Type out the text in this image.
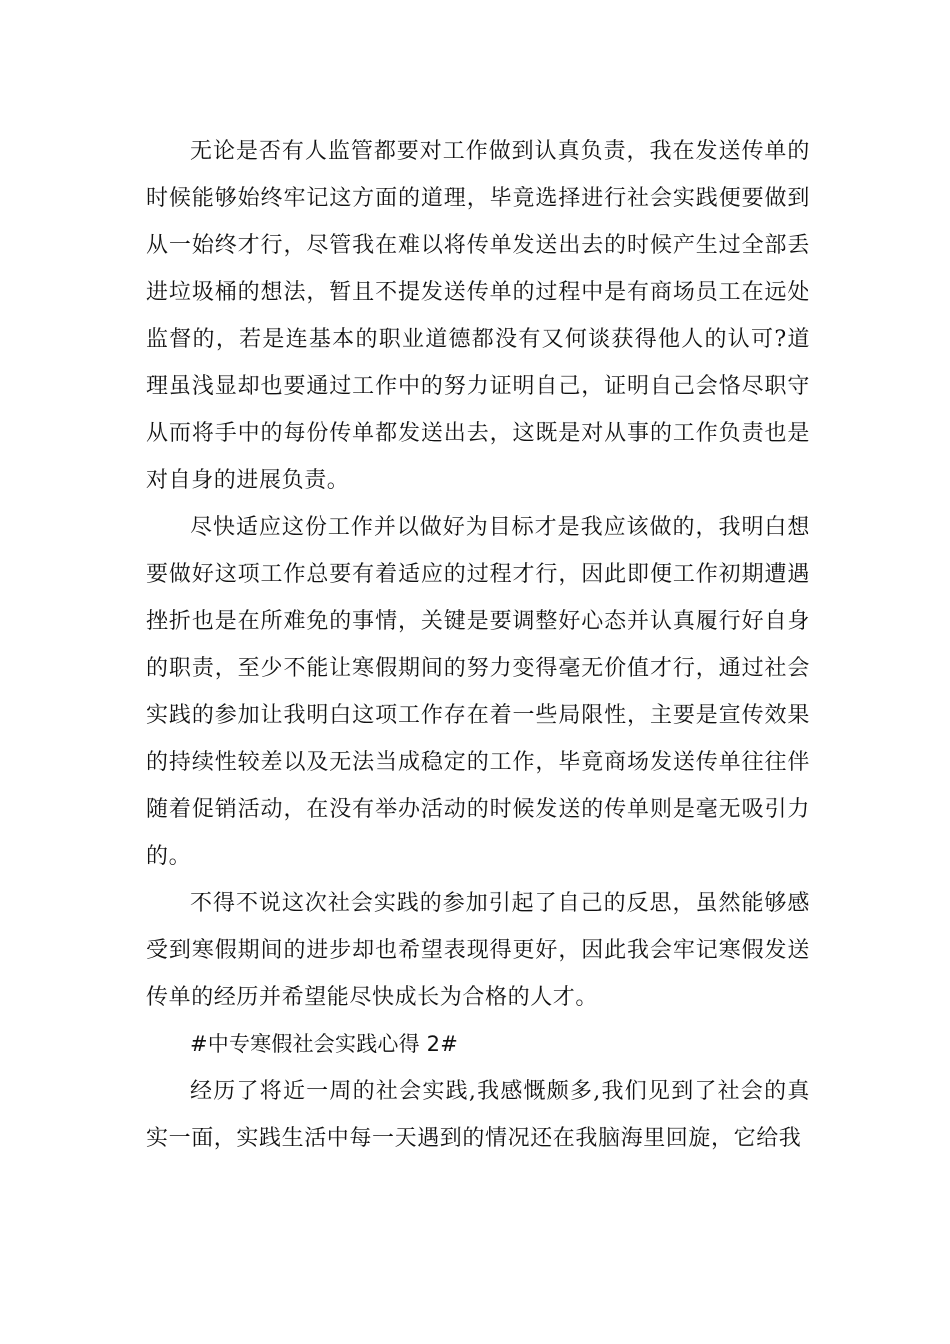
无论是否有人监管都要对工作做到认真负责，我在发送传单的时候能够始终牢记这方面的道理，毕竟选择进行社会实践便要做到从一始终才行，尽管我在难以将传单发送出去的时候产生过全部丢进垃圾桶的想法，暂且不提发送传单的过程中是有商场员工在远处监督的，若是连基本的职业道德都没有又何谈获得他人的认可?道理虽浅显却也要通过工作中的努力证明自己，证明自己会恪尽职守从而将手中的每份传单都发送出去，这既是对从事的工作负责也是对自身的进展负责。

尽快适应这份工作并以做好为目标才是我应该做的，我明白想要做好这项工作总要有着适应的过程才行，因此即便工作初期遭遇挫折也是在所难免的事情，关键是要调整好心态并认真履行好自身的职责，至少不能让寒假期间的努力变得毫无价值才行，通过社会实践的参加让我明白这项工作存在着一些局限性，主要是宣传效果的持续性较差以及无法当成稳定的工作，毕竟商场发送传单往往伴随着促销活动，在没有举办活动的时候发送的传单则是毫无吸引力的。

不得不说这次社会实践的参加引起了自己的反思，虽然能够感受到寒假期间的进步却也希望表现得更好，因此我会牢记寒假发送传单的经历并希望能尽快成长为合格的人才。

#中专寒假社会实践心得 2#

经历了将近一周的社会实践,我感慨颇多,我们见到了社会的真实一面，实践生活中每一天遇到的情况还在我脑海里回旋，它给我
